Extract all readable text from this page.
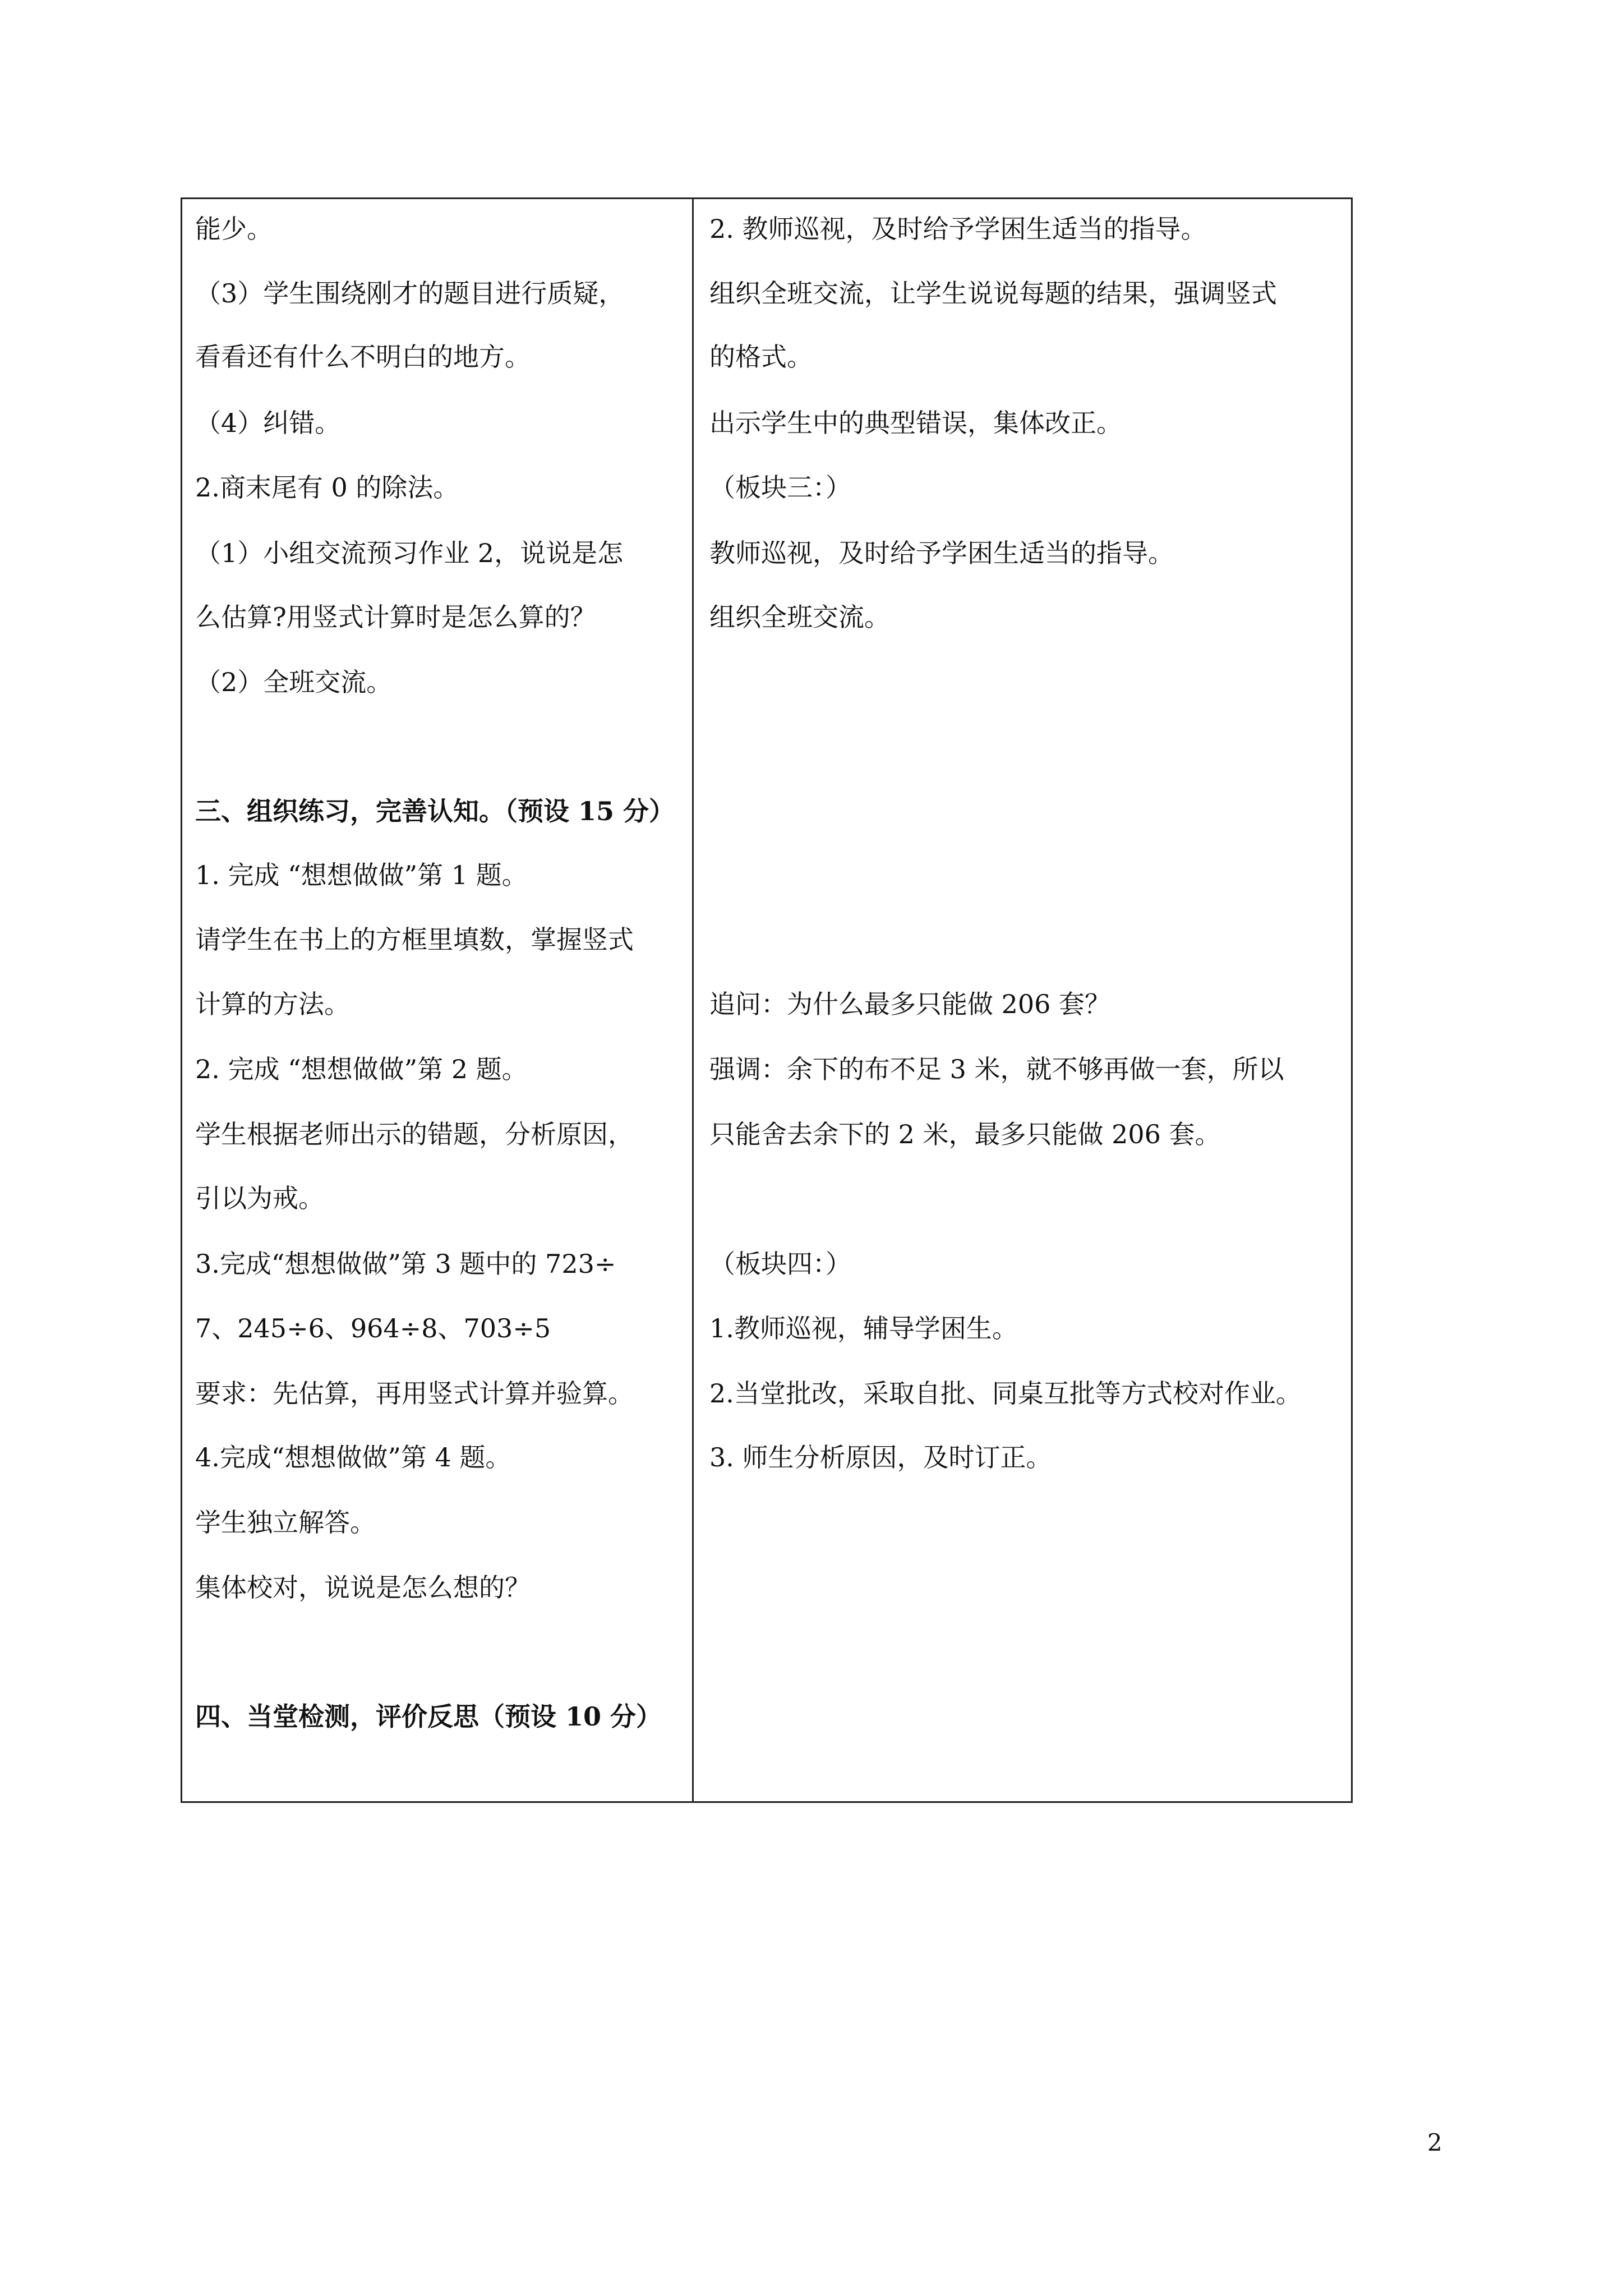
能少。
（3）学生围绕刚才的题目进行质疑，
看看还有什么不明白的地方。
（4）纠错。
2.商末尾有 0 的除法。
（1）小组交流预习作业 2，说说是怎
么估算?用竖式计算时是怎么算的？
（2）全班交流。
三、组织练习，完善认知。（预设 15 分）
1. 完成 “想想做做”第 1 题。
请学生在书上的方框里填数，掌握竖式
计算的方法。
2. 完成 “想想做做”第 2 题。
学生根据老师出示的错题，分析原因，
引以为戒。
3.完成“想想做做”第 3 题中的 723÷
7、245÷6、964÷8、703÷5
要求：先估算，再用竖式计算并验算。
4.完成“想想做做”第 4 题。
学生独立解答。
集体校对，说说是怎么想的？
四、当堂检测，评价反思（预设 10 分）
2. 教师巡视，及时给予学困生适当的指导。
组织全班交流，让学生说说每题的结果，强调竖式
的格式。
出示学生中的典型错误，集体改正。
（板块三：）
教师巡视，及时给予学困生适当的指导。
组织全班交流。
追问：为什么最多只能做 206 套？
强调：余下的布不足 3 米，就不够再做一套，所以
只能舍去余下的 2 米，最多只能做 206 套。
（板块四：）
1.教师巡视，辅导学困生。
2.当堂批改，采取自批、同桌互批等方式校对作业。
3. 师生分析原因，及时订正。
2
